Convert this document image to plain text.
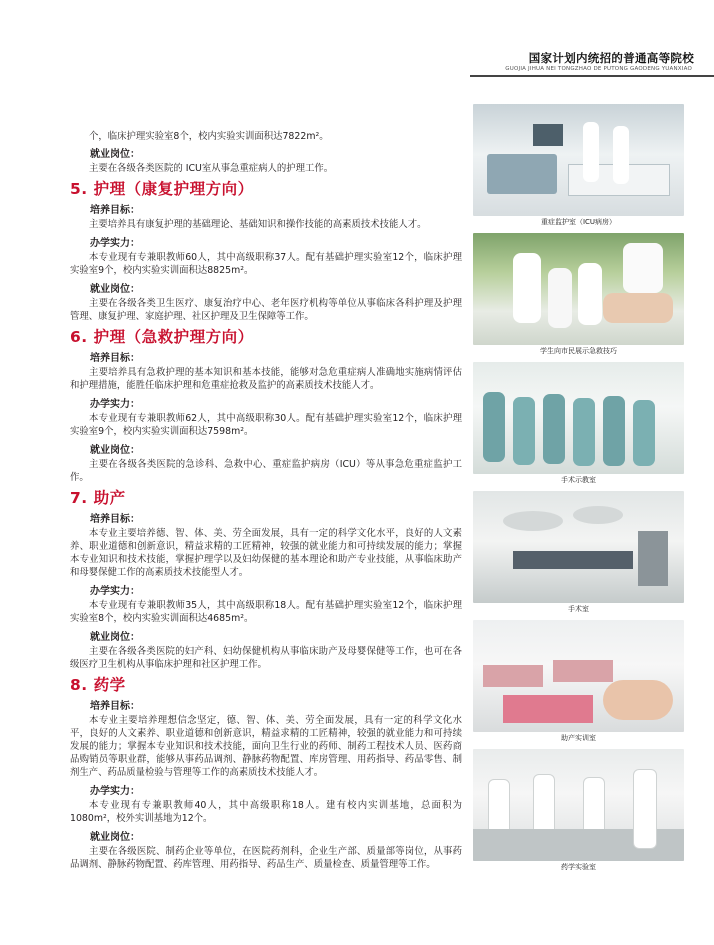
国家计划内统招的普通高等院校
GUOJIA JIHUA NEI TONGZHAO DE PUTONG GAODENG YUANXIAO

个，临床护理实验室8个，校内实验实训面积达7822m²。

就业岗位：

主要在各级各类医院的 ICU室从事急重症病人的护理工作。

5. 护理（康复护理方向）

培养目标：

主要培养具有康复护理的基础理论、基础知识和操作技能的高素质技术技能人才。

办学实力：

本专业现有专兼职教师60人，其中高级职称37人。配有基础护理实验室12个，临床护理实验室9个，校内实验实训面积达8825m²。

就业岗位：

主要在各级各类卫生医疗、康复治疗中心、老年医疗机构等单位从事临床各科护理及护理管理、康复护理、家庭护理、社区护理及卫生保障等工作。

6. 护理（急救护理方向）

培养目标：

主要培养具有急救护理的基本知识和基本技能，能够对急危重症病人准确地实施病情评估和护理措施，能胜任临床护理和危重症抢救及监护的高素质技术技能人才。

办学实力：

本专业现有专兼职教师62人，其中高级职称30人。配有基础护理实验室12个，临床护理实验室9个，校内实验实训面积达7598m²。

就业岗位：

主要在各级各类医院的急诊科、急救中心、重症监护病房（ICU）等从事急危重症监护工作。

7. 助产

培养目标：

本专业主要培养德、智、体、美、劳全面发展，具有一定的科学文化水平，良好的人文素养、职业道德和创新意识，精益求精的工匠精神，较强的就业能力和可持续发展的能力；掌握本专业知识和技术技能，掌握护理学以及妇幼保健的基本理论和助产专业技能，从事临床助产和母婴保健工作的高素质技术技能型人才。

办学实力：

本专业现有专兼职教师35人，其中高级职称18人。配有基础护理实验室12个，临床护理实验室8个，校内实验实训面积达4685m²。

就业岗位：

主要在各级各类医院的妇产科、妇幼保健机构从事临床助产及母婴保健等工作，也可在各级医疗卫生机构从事临床护理和社区护理工作。

8. 药学

培养目标：

本专业主要培养理想信念坚定，德、智、体、美、劳全面发展，具有一定的科学文化水平，良好的人文素养、职业道德和创新意识，精益求精的工匠精神，较强的就业能力和可持续发展的能力；掌握本专业知识和技术技能，面向卫生行业的药师、制药工程技术人员、医药商品购销员等职业群，能够从事药品调剂、静脉药物配置、库房管理、用药指导、药品零售、制剂生产、药品质量检验与管理等工作的高素质技术技能人才。

办学实力：

本专业现有专兼职教师40人，其中高级职称18人。建有校内实训基地，总面积为1080m²，校外实训基地为12个。

就业岗位：

主要在各级医院、制药企业等单位，在医院药剂科，企业生产部、质量部等岗位，从事药品调剂、静脉药物配置、药库管理、用药指导、药品生产、质量检查、质量管理等工作。

重症监护室（ICU病房）
学生向市民展示急救技巧
手术示教室
手术室
助产实训室
药学实验室
